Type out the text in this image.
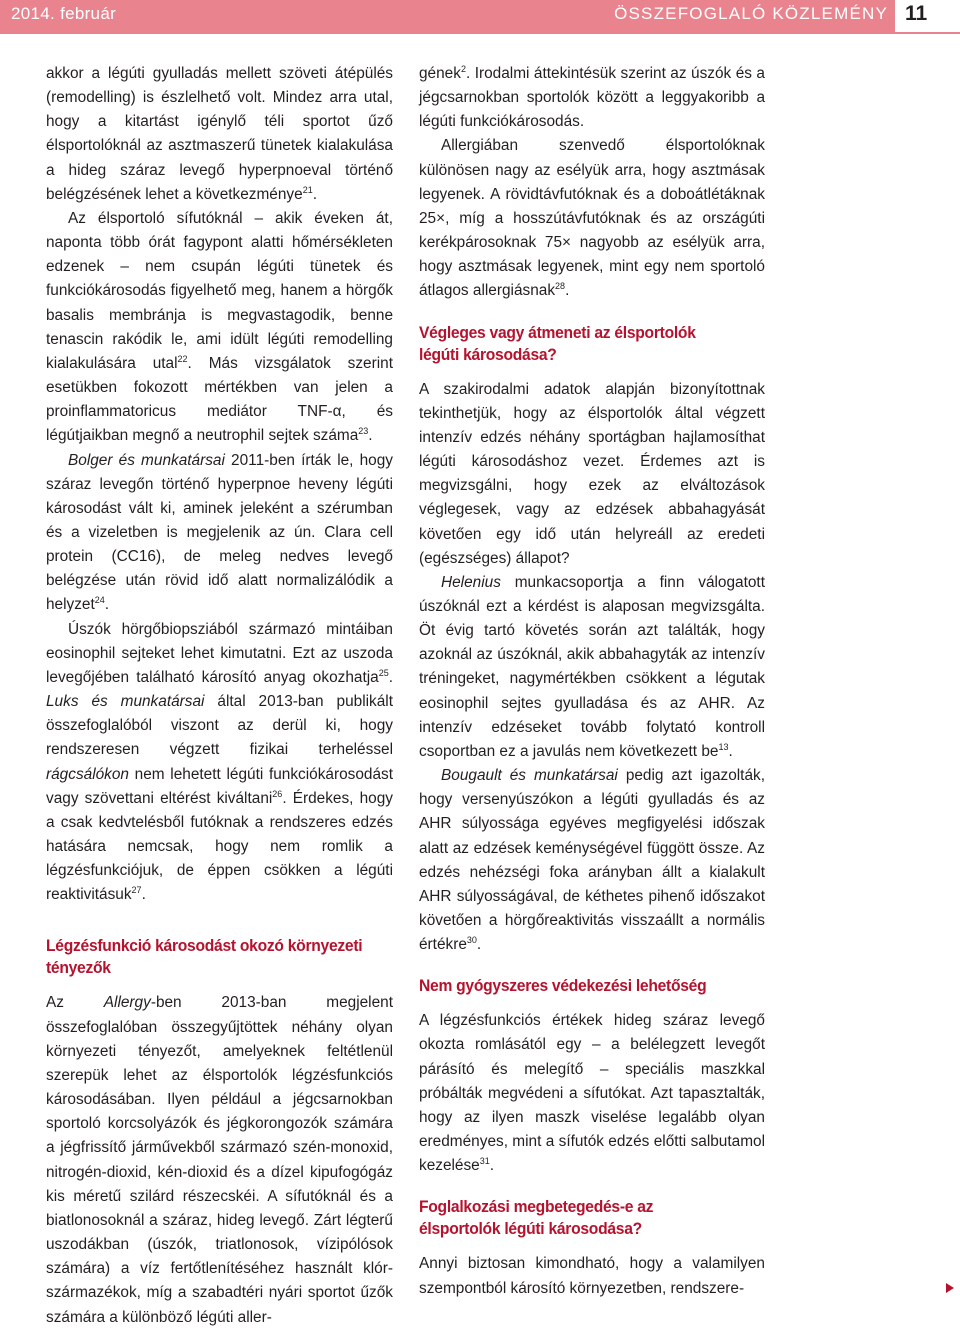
2014. február	ÖSSZEFOGLALÓ KÖZLEMÉNY 11

akkor a légúti gyulladás mellett szöveti átépülés (remodelling) is észlelhető volt. Mindez arra utal, hogy a kitartást igénylő téli sportot űző élsportolóknál az asztmaszerű tünetek kialakulása a hideg száraz levegő hyperpnoeval történő belégzésének lehet a következménye$^{21}$.

Az élsportoló sífutóknál – akik éveken át, naponta több órát fagypont alatti hőmérsékleten edzenek – nem csupán légúti tünetek és funkciókárosodás figyelhető meg, hanem a hörgők basalis membránja is megvastagodik, benne tenascin rakódik le, ami idült légúti remodelling kialakulására utal$^{22}$. Más vizsgálatok szerint esetükben fokozott mértékben van jelen a proinflammatoricus mediátor TNF-α, és légútjaikban megnő a neutrophil sejtek száma$^{23}$.

Bolger és munkatársai 2011-ben írták le, hogy száraz levegőn történő hyperpnoe heveny légúti károsodást vált ki, aminek jeleként a szérumban és a vizeletben is megjelenik az ún. Clara cell protein (CC16), de meleg nedves levegő belégzése után rövid idő alatt normalizálódik a helyzet$^{24}$.

Úszók hörgőbiopsziából származó mintáiban eosinophil sejteket lehet kimutatni. Ezt az uszoda levegőjében található károsító anyag okozhatja$^{25}$. Luks és munkatársai által 2013-ban publikált összefoglalóból viszont az derül ki, hogy rendszeresen végzett fizikai terheléssel rágcsálókon nem lehetett légúti funkciókárosodást vagy szövettani eltérést kiváltani$^{26}$. Érdekes, hogy a csak kedvtelésből futóknak a rendszeres edzés hatására nemcsak, hogy nem romlik a légzésfunkciójuk, de éppen csökken a légúti reaktivitásuk$^{27}$.

Légzésfunkció károsodást okozó környezeti tényezők

Az Allergy-ben 2013-ban megjelent összefoglalóban összegyűjtöttek néhány olyan környezeti tényezőt, amelyeknek feltétlenül szerepük lehet az élsportolók légzésfunkciós károsodásában. Ilyen például a jégcsarnokban sportoló korcsolyázók és jégkorongozók számára a jégfrissítő járművekből származó szén-monoxid, nitrogén-dioxid, kén-dioxid és a dízel kipufogógáz kis méretű szilárd részecskéi. A sífutóknál és a biatlonosoknál a száraz, hideg levegő. Zárt légterű uszodákban (úszók, triatlonosok, vízipólósok számára) a víz fertőtlenítéséhez használt klór-származékok, míg a szabadtéri nyári sportot űzők számára a különböző légúti aller-

gének$^2$. Irodalmi áttekintésük szerint az úszók és a jégcsarnokban sportolók között a leggyakoribb a légúti funkciókárosodás.

Allergiában szenvedő élsportolóknak különösen nagy az esélyük arra, hogy asztmásak legyenek. A rövidtávfutóknak és a doboátlétáknak 25×, míg a hosszútávfutóknak és az országúti kerékpárosoknak 75× nagyobb az esélyük arra, hogy asztmásak legyenek, mint egy nem sportoló átlagos allergiásnak$^{28}$.

Végleges vagy átmeneti az élsportolók légúti károsodása?

A szakirodalmi adatok alapján bizonyítottnak tekinthetjük, hogy az élsportolók által végzett intenzív edzés néhány sportágban hajlamosíthat légúti károsodáshoz vezet. Érdemes azt is megvizsgálni, hogy ezek az elváltozások véglegesek, vagy az edzések abbahagyását követően egy idő után helyreáll az eredeti (egészséges) állapot?

Helenius munkacsoportja a finn válogatott úszóknál ezt a kérdést is alaposan megvizsgálta. Öt évig tartó követés során azt találták, hogy azoknál az úszóknál, akik abbahagyták az intenzív tréningeket, nagymértékben csökkent a légutak eosinophil sejtes gyulladása és az AHR. Az intenzív edzéseket tovább folytató kontroll csoportban ez a javulás nem következett $be^{13}$.

Bougault és munkatársai pedig azt igazolták, hogy versenyúszókon a légúti gyulladás és az AHR súlyossága egyéves megfigyelési időszak alatt az edzések keménységével függött össze. Az edzés nehézségi foka arányban állt a kialakult AHR súlyosságával, de kéthetes pihenő időszakot követően a hörgőreaktivitás visszaállt a normális értékre$^{30}$.

Nem gyógyszeres védekezési lehetőség

A légzésfunkciós értékek hideg száraz levegő okozta romlásától egy – a belélegzett levegőt párásító és melegítő – speciális maszkkal próbálták megvédeni a sífutókat. Azt tapasztalták, hogy az ilyen maszk viselése legalább olyan eredményes, mint a sífutók edzés előtti salbutamol kezelése$^{31}$.

Foglalkozási megbetegedés-e az élsportolók légúti károsodása?

Annyi biztosan kimondható, hogy a valamilyen szempontból károsító környezetben, rendszere-
